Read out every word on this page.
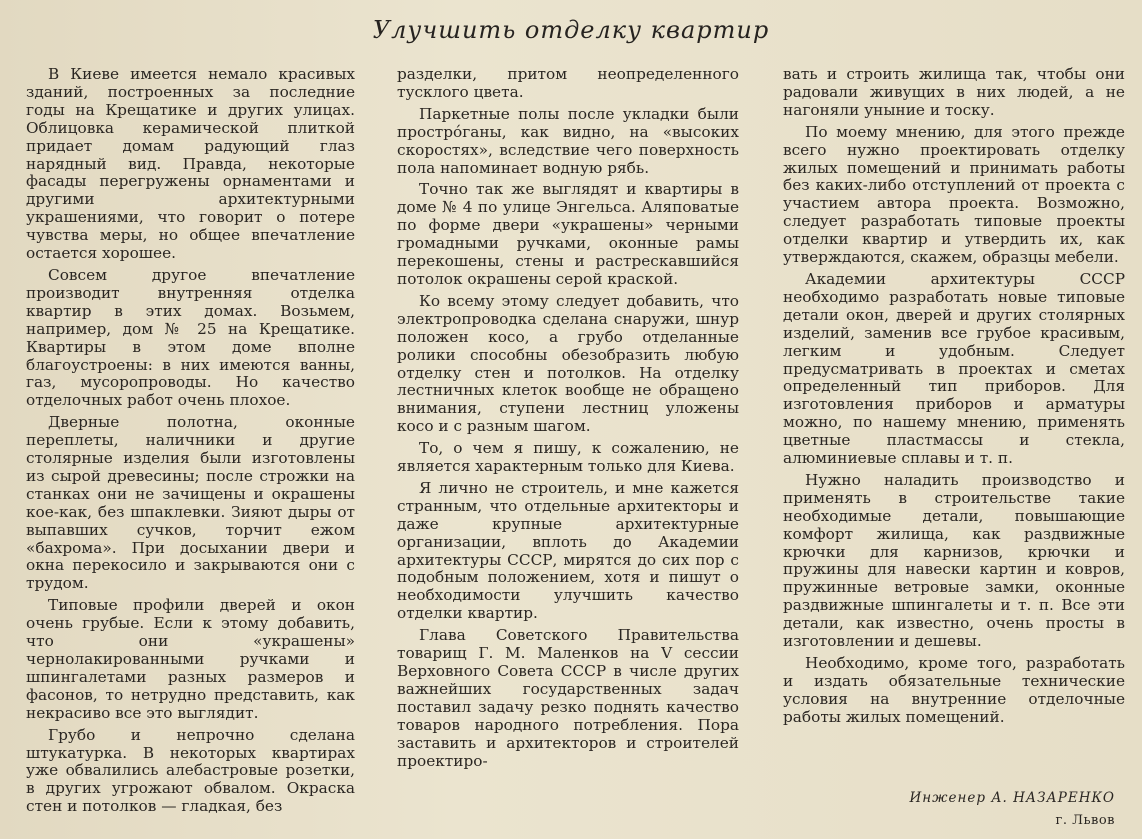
Улучшить отделку квартир

В Киеве имеется немало красивых зданий, построенных за последние годы на Крещатике и других улицах. Облицовка керамической плиткой придает домам радующий глаз нарядный вид. Правда, некоторые фасады перегружены орнаментами и другими архитектурными украшениями, что говорит о потере чувства меры, но общее впечатление остается хорошее.

Совсем другое впечатление производит внутренняя отделка квартир в этих домах. Возьмем, например, дом № 25 на Крещатике. Квартиры в этом доме вполне благоустроены: в них имеются ванны, газ, мусоропроводы. Но качество отделочных работ очень плохое.

Дверные полотна, оконные переплеты, наличники и другие столярные изделия были изготовлены из сырой древесины; после строжки на станках они не зачищены и окрашены кое-как, без шпаклевки. Зияют дыры от выпавших сучков, торчит ежом «бахрома». При досыхании двери и окна перекосило и закрываются они с трудом.

Типовые профили дверей и окон очень грубые. Если к этому добавить, что они «украшены» чернолакированными ручками и шпингалетами разных размеров и фасонов, то нетрудно представить, как некрасиво все это выглядит.

Грубо и непрочно сделана штукатурка. В некоторых квартирах уже обвалились алебастровые розетки, в других угрожают обвалом. Окраска стен и потолков — гладкая, без

разделки, притом неопределенного тусклого цвета.

Паркетные полы после укладки были прострóганы, как видно, на «высоких скоростях», вследствие чего поверхность пола напоминает водную рябь.

Точно так же выглядят и квартиры в доме № 4 по улице Энгельса. Аляповатые по форме двери «украшены» черными громадными ручками, оконные рамы перекошены, стены и растрескавшийся потолок окрашены серой краской.

Ко всему этому следует добавить, что электропроводка сделана снаружи, шнур положен косо, а грубо отделанные ролики способны обезобразить любую отделку стен и потолков. На отделку лестничных клеток вообще не обращено внимания, ступени лестниц уложены косо и с разным шагом.

То, о чем я пишу, к сожалению, не является характерным только для Киева.

Я лично не строитель, и мне кажется странным, что отдельные архитекторы и даже крупные архитектурные организации, вплоть до Академии архитектуры СССР, мирятся до сих пор с подобным положением, хотя и пишут о необходимости улучшить качество отделки квартир.

Глава Советского Правительства товарищ Г. М. Маленков на V сессии Верховного Совета СССР в числе других важнейших государственных задач поставил задачу резко поднять качество товаров народного потребления. Пора заставить и архитекторов и строителей проектиро-

вать и строить жилища так, чтобы они радовали живущих в них людей, а не нагоняли уныние и тоску.

По моему мнению, для этого прежде всего нужно проектировать отделку жилых помещений и принимать работы без каких-либо отступлений от проекта с участием автора проекта. Возможно, следует разработать типовые проекты отделки квартир и утвердить их, как утверждаются, скажем, образцы мебели.

Академии архитектуры СССР необходимо разработать новые типовые детали окон, дверей и других столярных изделий, заменив все грубое красивым, легким и удобным. Следует предусматривать в проектах и сметах определенный тип приборов. Для изготовления приборов и арматуры можно, по нашему мнению, применять цветные пластмассы и стекла, алюминиевые сплавы и т. п.

Нужно наладить производство и применять в строительстве такие необходимые детали, повышающие комфорт жилища, как раздвижные крючки для карнизов, крючки и пружины для навески картин и ковров, пружинные ветровые замки, оконные раздвижные шпингалеты и т. п. Все эти детали, как известно, очень просты в изготовлении и дешевы.

Необходимо, кроме того, разработать и издать обязательные технические условия на внутренние отделочные работы жилых помещений.

Инженер А. НАЗАРЕНКО
г. Львов
